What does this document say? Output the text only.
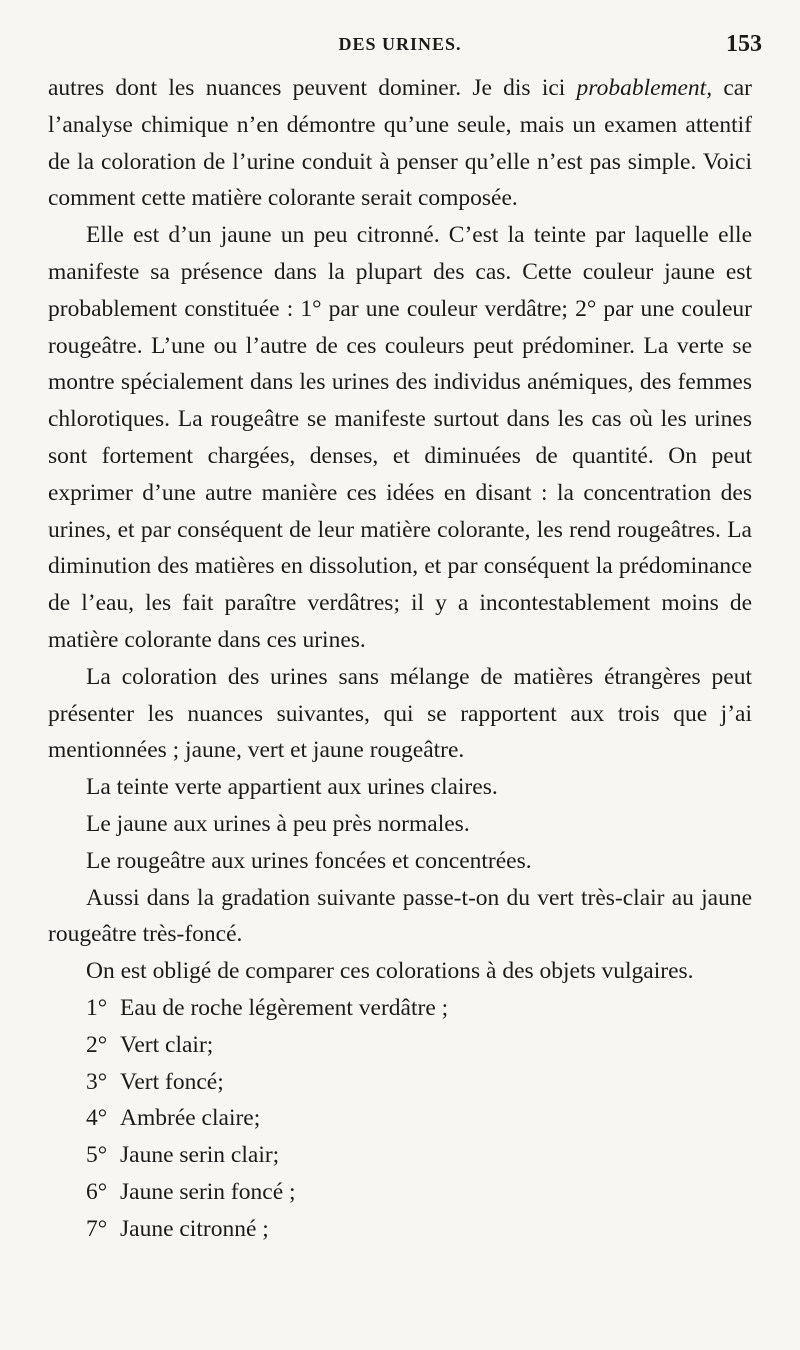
DES URINES.	153

autres dont les nuances peuvent dominer. Je dis ici probablement, car l’analyse chimique n’en démontre qu’une seule, mais un examen attentif de la coloration de l’urine conduit à penser qu’elle n’est pas simple. Voici comment cette matière colorante serait composée.

Elle est d’un jaune un peu citronné. C’est la teinte par laquelle elle manifeste sa présence dans la plupart des cas. Cette couleur jaune est probablement constituée : 1° par une couleur verdâtre; 2° par une couleur rougeâtre. L’une ou l’autre de ces couleurs peut prédominer. La verte se montre spécialement dans les urines des individus anémiques, des femmes chlorotiques. La rougeâtre se manifeste surtout dans les cas où les urines sont fortement chargées, denses, et diminuées de quantité. On peut exprimer d’une autre manière ces idées en disant : la concentration des urines, et par conséquent de leur matière colorante, les rend rougeâtres. La diminution des matières en dissolution, et par conséquent la prédominance de l’eau, les fait paraître verdâtres; il y a incontestablement moins de matière colorante dans ces urines.

La coloration des urines sans mélange de matières étrangères peut présenter les nuances suivantes, qui se rapportent aux trois que j’ai mentionnées ; jaune, vert et jaune rougeâtre.

La teinte verte appartient aux urines claires.

Le jaune aux urines à peu près normales.

Le rougeâtre aux urines foncées et concentrées.

Aussi dans la gradation suivante passe-t-on du vert très-clair au jaune rougeâtre très-foncé.

On est obligé de comparer ces colorations à des objets vulgaires.

1° Eau de roche légèrement verdâtre ;
2° Vert clair;
3° Vert foncé;
4° Ambrée claire;
5° Jaune serin clair;
6° Jaune serin foncé ;
7° Jaune citronné ;
